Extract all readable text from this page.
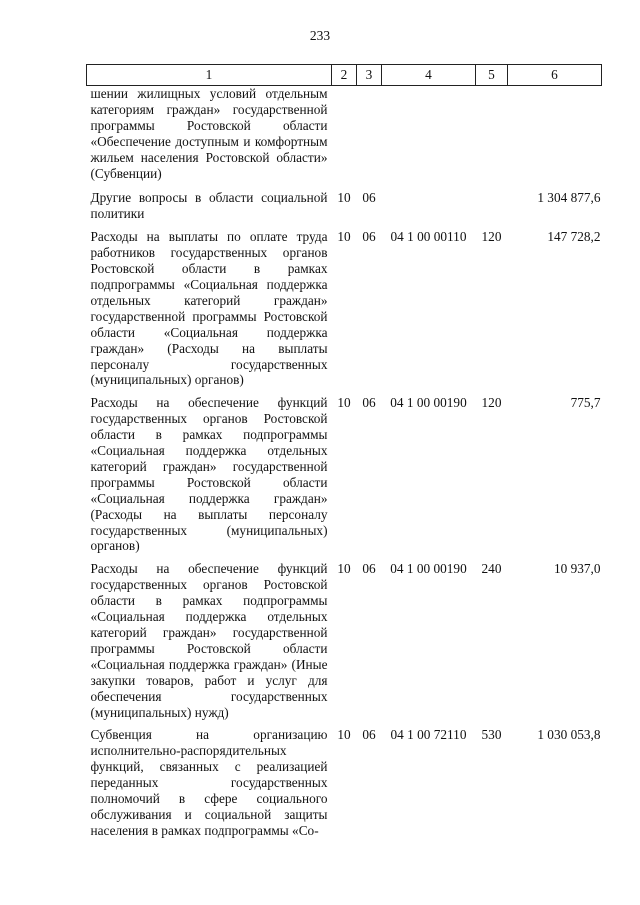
233
1	2	3	4	5	6
шении жилищных условий отдельным категориям граждан» государственной программы Ростовской области «Обеспечение доступным и комфортным жильем населения Ростовской области» (Субвенции)					
Другие вопросы в области социальной политики	10	06			1 304 877,6
Расходы на выплаты по оплате труда работников государственных органов Ростовской области в рамках подпрограммы «Социальная поддержка отдельных категорий граждан» государственной программы Ростовской области «Социальная поддержка граждан» (Расходы на выплаты персоналу государственных (муниципальных) органов)	10	06	04 1 00 00110	120	147 728,2
Расходы на обеспечение функций государственных органов Ростовской области в рамках подпрограммы «Социальная поддержка отдельных категорий граждан» государственной программы Ростовской области «Социальная поддержка граждан» (Расходы на выплаты персоналу государственных (муниципальных) органов)	10	06	04 1 00 00190	120	775,7
Расходы на обеспечение функций государственных органов Ростовской области в рамках подпрограммы «Социальная поддержка отдельных категорий граждан» государственной программы Ростовской области «Социальная поддержка граждан» (Иные закупки товаров, работ и услуг для обеспечения государственных (муниципальных) нужд)	10	06	04 1 00 00190	240	10 937,0
Субвенция на организацию исполнительно-распорядительных функций, связанных с реализацией переданных государственных полномочий в сфере социального обслуживания и социальной защиты населения в рамках подпрограммы «Со-	10	06	04 1 00 72110	530	1 030 053,8
